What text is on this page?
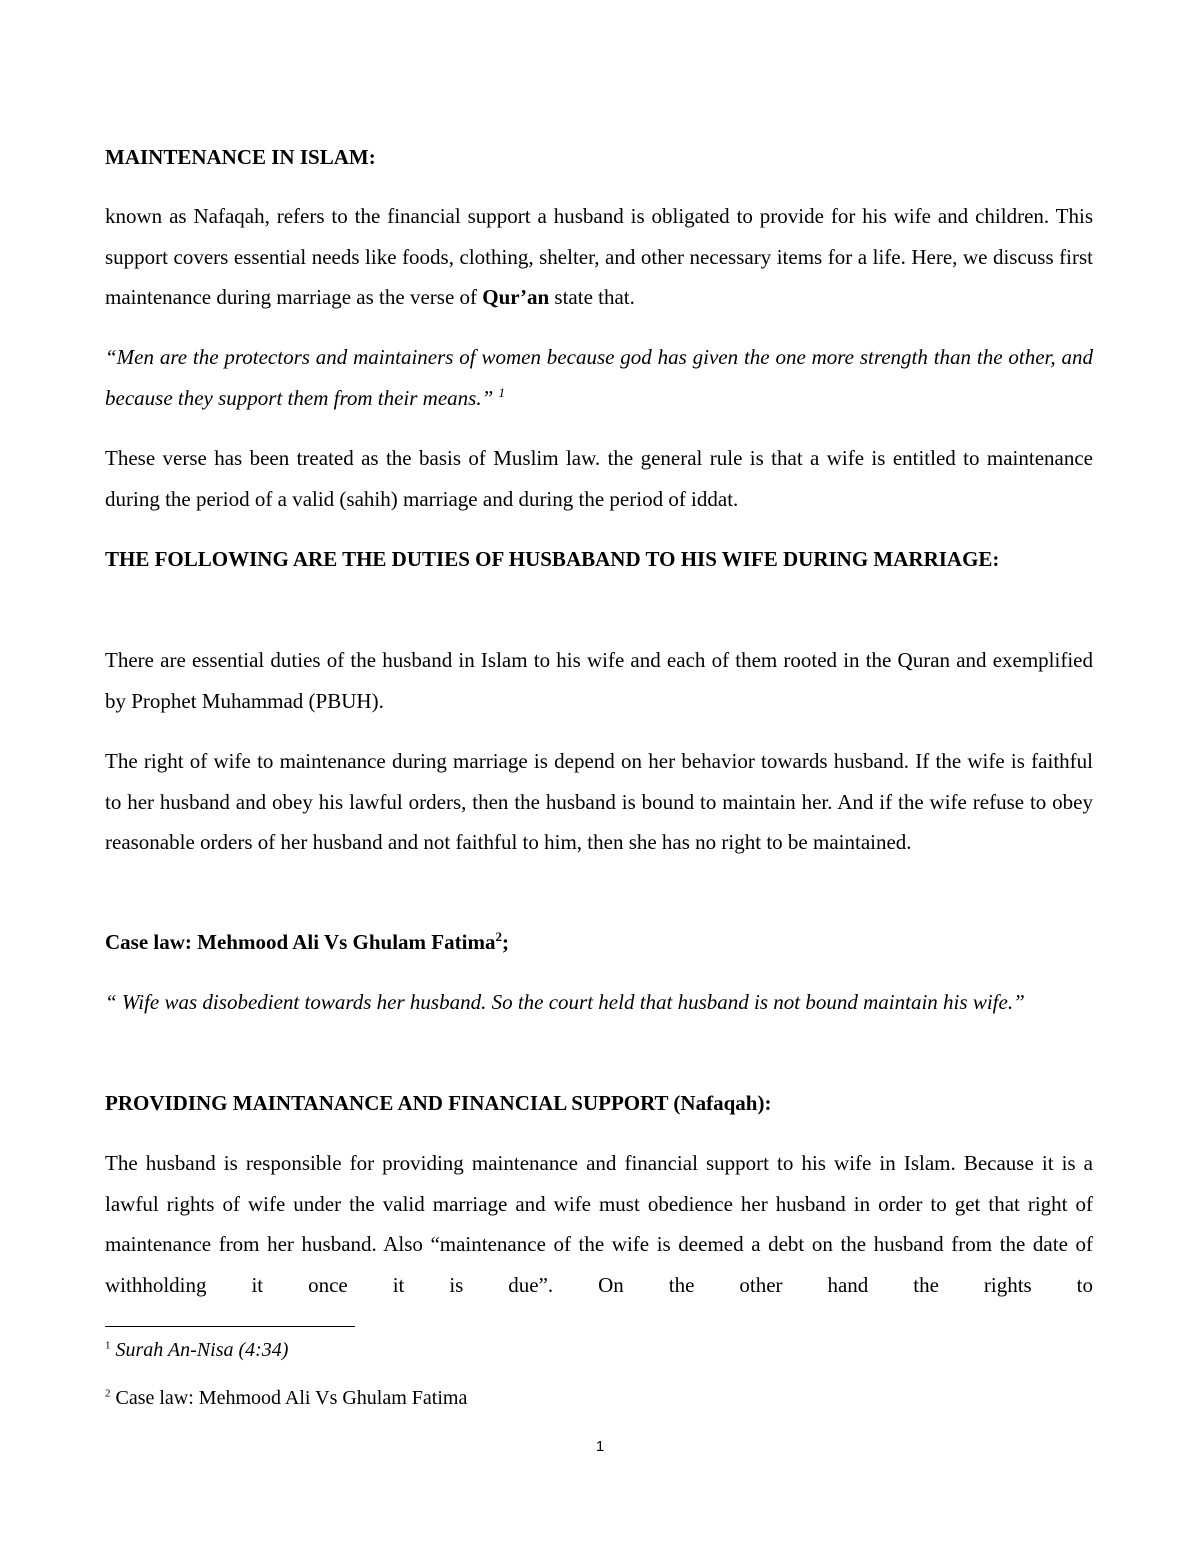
MAINTENANCE IN ISLAM:

known as Nafaqah, refers to the financial support a husband is obligated to provide for his wife and children. This support covers essential needs like foods, clothing, shelter, and other necessary items for a life. Here, we discuss first maintenance during marriage as the verse of Qur’an state that.

“Men are the protectors and maintainers of women because god has given the one more strength than the other, and because they support them from their means.” $^1$

These verse has been treated as the basis of Muslim law. the general rule is that a wife is entitled to maintenance during the period of a valid (sahih) marriage and during the period of iddat.

THE FOLLOWING ARE THE DUTIES OF HUSBABAND TO HIS WIFE DURING MARRIAGE:

There are essential duties of the husband in Islam to his wife and each of them rooted in the Quran and exemplified by Prophet Muhammad (PBUH).

The right of wife to maintenance during marriage is depend on her behavior towards husband. If the wife is faithful to her husband and obey his lawful orders, then the husband is bound to maintain her. And if the wife refuse to obey reasonable orders of her husband and not faithful to him, then she has no right to be maintained.

Case law: Mehmood Ali Vs Ghulam Fatima$^2$;

“ Wife was disobedient towards her husband. So the court held that husband is not bound maintain his wife.”

PROVIDING MAINTANANCE AND FINANCIAL SUPPORT (Nafaqah):

The husband is responsible for providing maintenance and financial support to his wife in Islam. Because it is a lawful rights of wife under the valid marriage and wife must obedience her husband in order to get that right of maintenance from her husband. Also “maintenance of the wife is deemed a debt on the husband from the date of withholding it once it is due”. On the other hand the rights to

$^1$ Surah An-Nisa (4:34)

$^2$ Case law: Mehmood Ali Vs Ghulam Fatima

1
